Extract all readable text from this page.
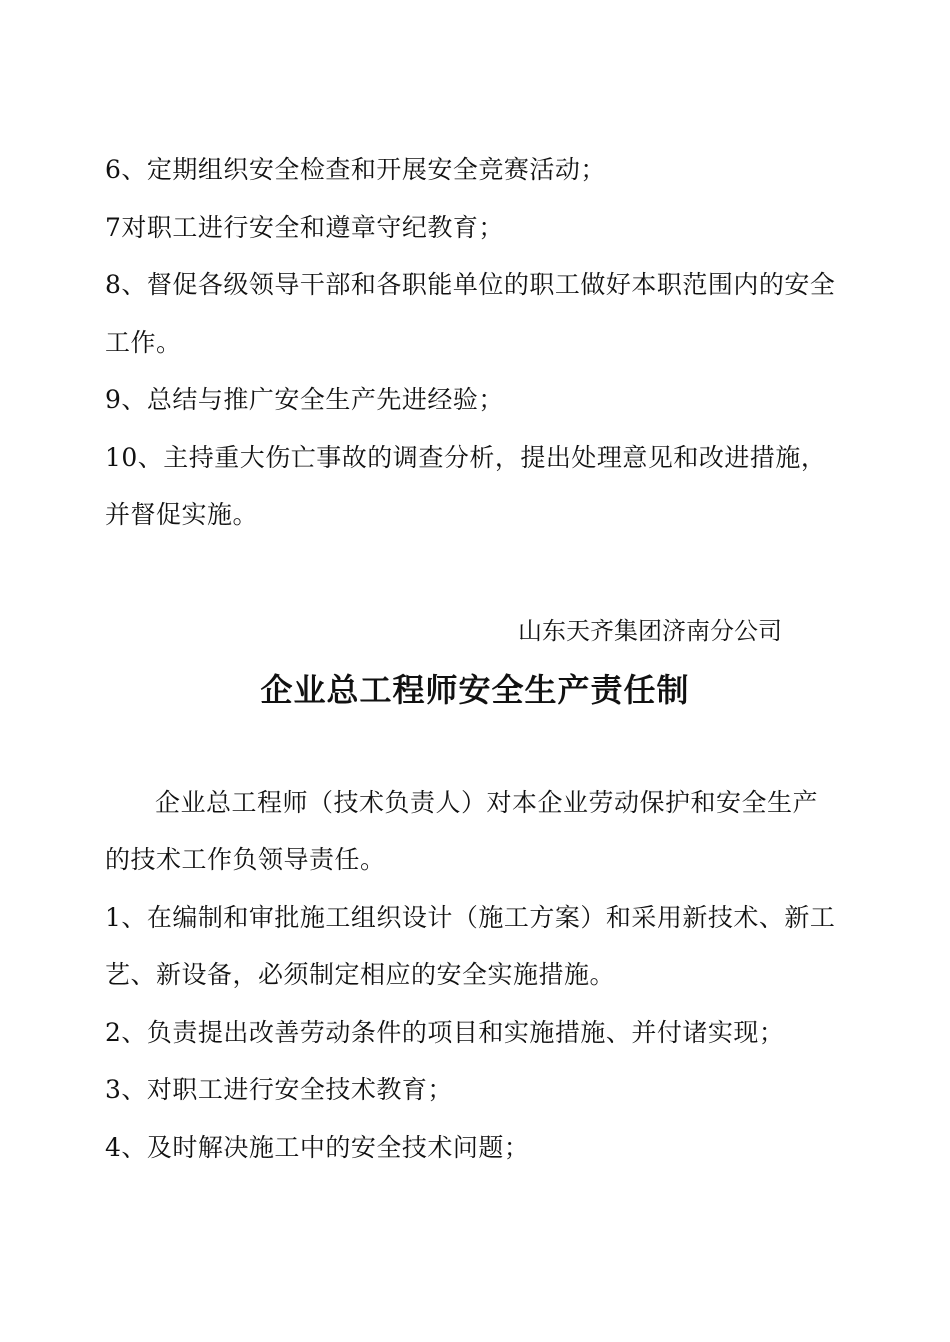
6、定期组织安全检查和开展安全竞赛活动；
7对职工进行安全和遵章守纪教育；
8、督促各级领导干部和各职能单位的职工做好本职范围内的安全
工作。
9、总结与推广安全生产先进经验；
10、主持重大伤亡事故的调查分析，提出处理意见和改进措施，
并督促实施。
山东天齐集团济南分公司
企业总工程师安全生产责任制
企业总工程师（技术负责人）对本企业劳动保护和安全生产
的技术工作负领导责任。
1、在编制和审批施工组织设计（施工方案）和采用新技术、新工
艺、新设备，必须制定相应的安全实施措施。
2、负责提出改善劳动条件的项目和实施措施、并付诸实现；
3、对职工进行安全技术教育；
4、及时解决施工中的安全技术问题；
